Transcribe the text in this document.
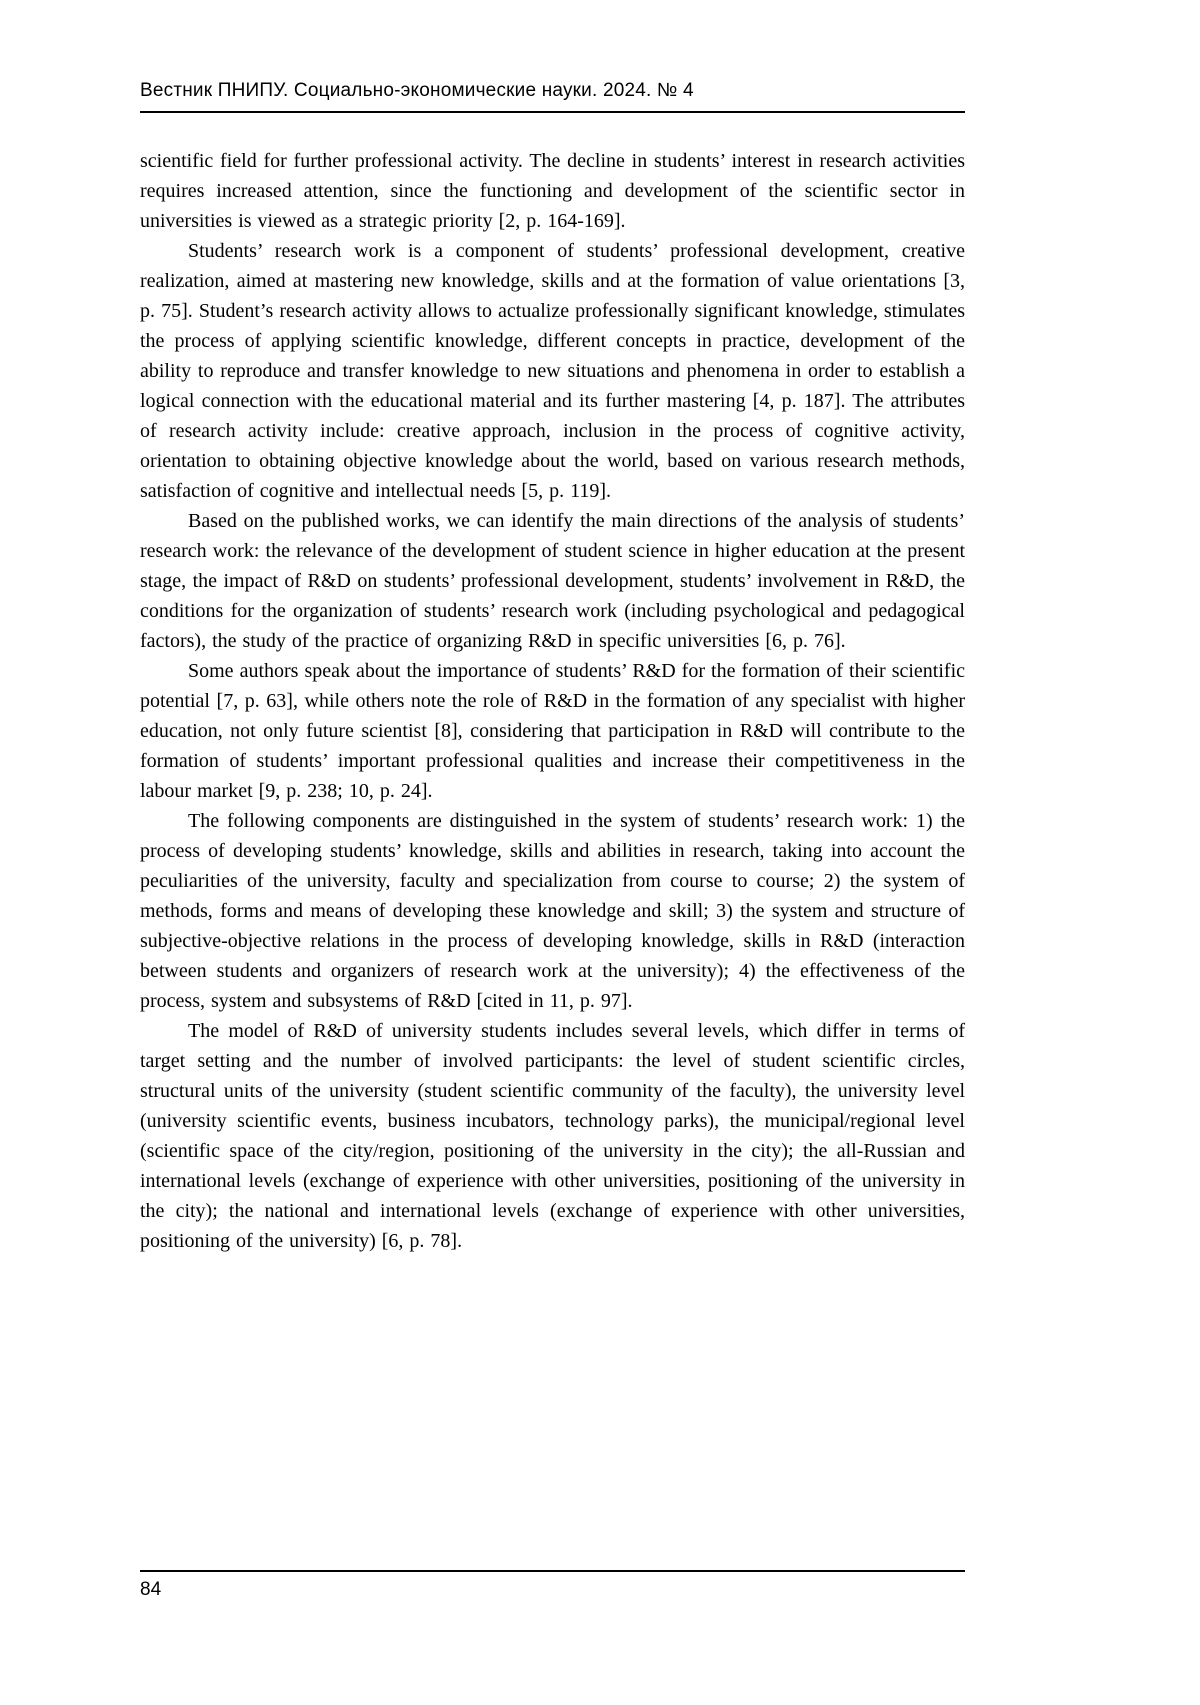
Вестник ПНИПУ. Социально-экономические науки. 2024. № 4

scientific field for further professional activity. The decline in students’ interest in research activities requires increased attention, since the functioning and development of the scientific sector in universities is viewed as a strategic priority [2, p. 164-169].

Students’ research work is a component of students’ professional development, creative realization, aimed at mastering new knowledge, skills and at the formation of value orientations [3, p. 75]. Student’s research activity allows to actualize professionally significant knowledge, stimulates the process of applying scientific knowledge, different concepts in practice, development of the ability to reproduce and transfer knowledge to new situations and phenomena in order to establish a logical connection with the educational material and its further mastering [4, p. 187]. The attributes of research activity include: creative approach, inclusion in the process of cognitive activity, orientation to obtaining objective knowledge about the world, based on various research methods, satisfaction of cognitive and intellectual needs [5, p. 119].

Based on the published works, we can identify the main directions of the analysis of students’ research work: the relevance of the development of student science in higher education at the present stage, the impact of R&D on students’ professional development, students’ involvement in R&D, the conditions for the organization of students’ research work (including psychological and pedagogical factors), the study of the practice of organizing R&D in specific universities [6, p. 76].

Some authors speak about the importance of students’ R&D for the formation of their scientific potential [7, p. 63], while others note the role of R&D in the formation of any specialist with higher education, not only future scientist [8], considering that participation in R&D will contribute to the formation of students’ important professional qualities and increase their competitiveness in the labour market [9, p. 238; 10, p. 24].

The following components are distinguished in the system of students’ research work: 1) the process of developing students’ knowledge, skills and abilities in research, taking into account the peculiarities of the university, faculty and specialization from course to course; 2) the system of methods, forms and means of developing these knowledge and skill; 3) the system and structure of subjective-objective relations in the process of developing knowledge, skills in R&D (interaction between students and organizers of research work at the university); 4) the effectiveness of the process, system and subsystems of R&D [cited in 11, p. 97].

The model of R&D of university students includes several levels, which differ in terms of target setting and the number of involved participants: the level of student scientific circles, structural units of the university (student scientific community of the faculty), the university level (university scientific events, business incubators, technology parks), the municipal/regional level (scientific space of the city/region, positioning of the university in the city); the all-Russian and international levels (exchange of experience with other universities, positioning of the university in the city); the national and international levels (exchange of experience with other universities, positioning of the university) [6, p. 78].

84
